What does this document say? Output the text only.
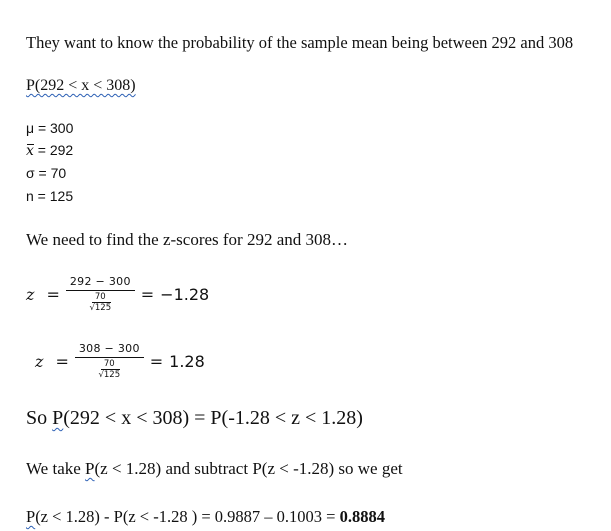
They want to know the probability of the sample mean being between 292 and 308
P(292 < x < 308)
μ = 300
x = 292
σ = 70
n = 125
We need to find the z-scores for 292 and 308…
z = 292 − 300
70
√125 = −1.28
z = 308 − 300
70
√125 = 1.28
So P(292 < x < 308) = P(-1.28 < z < 1.28)
We take P(z < 1.28) and subtract P(z < -1.28) so we get
P(z < 1.28) - P(z < -1.28 ) = 0.9887 – 0.1003 = 0.8884
